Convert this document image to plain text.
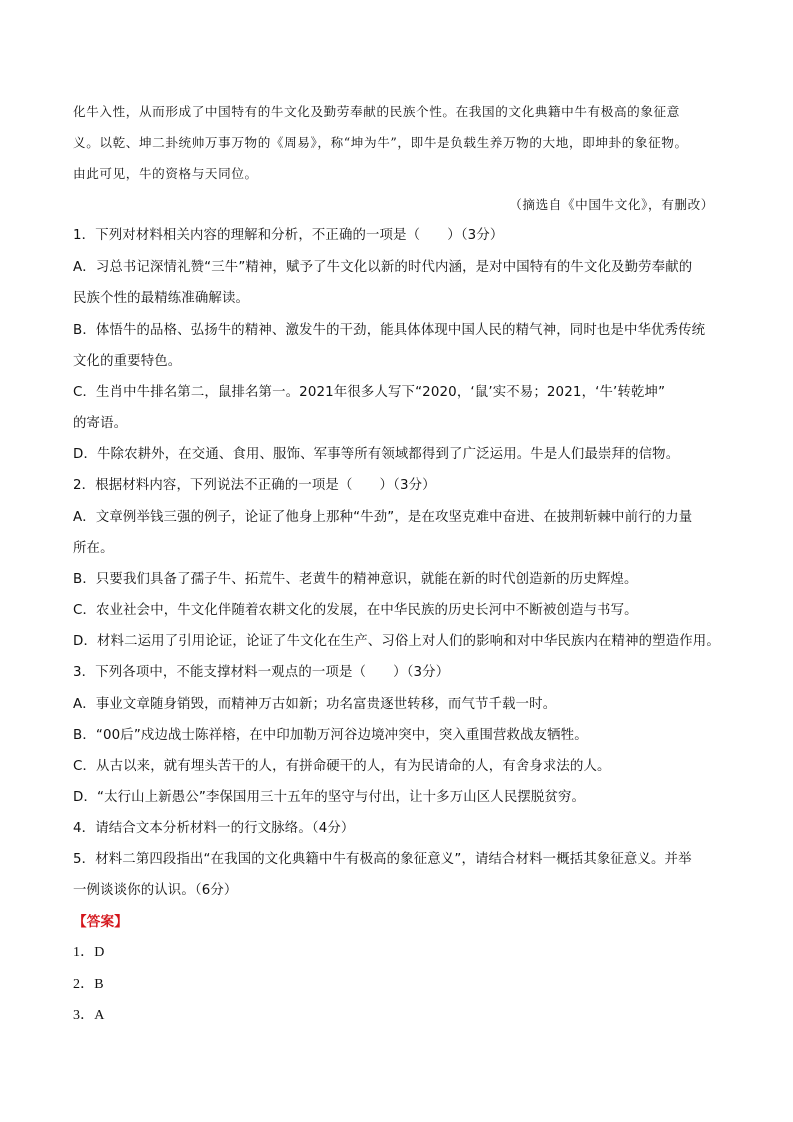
化牛入性，从而形成了中国特有的牛文化及勤劳奉献的民族个性。在我国的文化典籍中牛有极高的象征意
义。以乾、坤二卦统帅万事万物的《周易》，称“坤为牛”，即牛是负载生养万物的大地，即坤卦的象征物。
由此可见，牛的资格与天同位。
（摘选自《中国牛文化》，有删改）
1．下列对材料相关内容的理解和分析，不正确的一项是（　　）（3分）
A．习总书记深情礼赞“三牛”精神，赋予了牛文化以新的时代内涵，是对中国特有的牛文化及勤劳奉献的
民族个性的最精练准确解读。
B．体悟牛的品格、弘扬牛的精神、激发牛的干劲，能具体体现中国人民的精气神，同时也是中华优秀传统
文化的重要特色。
C．生肖中牛排名第二，鼠排名第一。2021年很多人写下“2020，‘鼠’实不易；2021，‘牛’转乾坤”
的寄语。
D．牛除农耕外，在交通、食用、服饰、军事等所有领域都得到了广泛运用。牛是人们最崇拜的信物。
2．根据材料内容，下列说法不正确的一项是（　　）（3分）
A．文章例举钱三强的例子，论证了他身上那种“牛劲”，是在攻坚克难中奋进、在披荆斩棘中前行的力量
所在。
B．只要我们具备了孺子牛、拓荒牛、老黄牛的精神意识，就能在新的时代创造新的历史辉煌。
C．农业社会中，牛文化伴随着农耕文化的发展，在中华民族的历史长河中不断被创造与书写。
D．材料二运用了引用论证，论证了牛文化在生产、习俗上对人们的影响和对中华民族内在精神的塑造作用。
3．下列各项中，不能支撑材料一观点的一项是（　　）（3分）
A．事业文章随身销毁，而精神万古如新；功名富贵逐世转移，而气节千载一时。
B．“00后”戍边战士陈祥榕，在中印加勒万河谷边境冲突中，突入重围营救战友牺牲。
C．从古以来，就有埋头苦干的人，有拼命硬干的人，有为民请命的人，有舍身求法的人。
D．“太行山上新愚公”李保国用三十五年的坚守与付出，让十多万山区人民摆脱贫穷。
4．请结合文本分析材料一的行文脉络。（4分）
5．材料二第四段指出“在我国的文化典籍中牛有极高的象征意义”，请结合材料一概括其象征意义。并举
一例谈谈你的认识。（6分）
【答案】
1．D
2．B
3．A
